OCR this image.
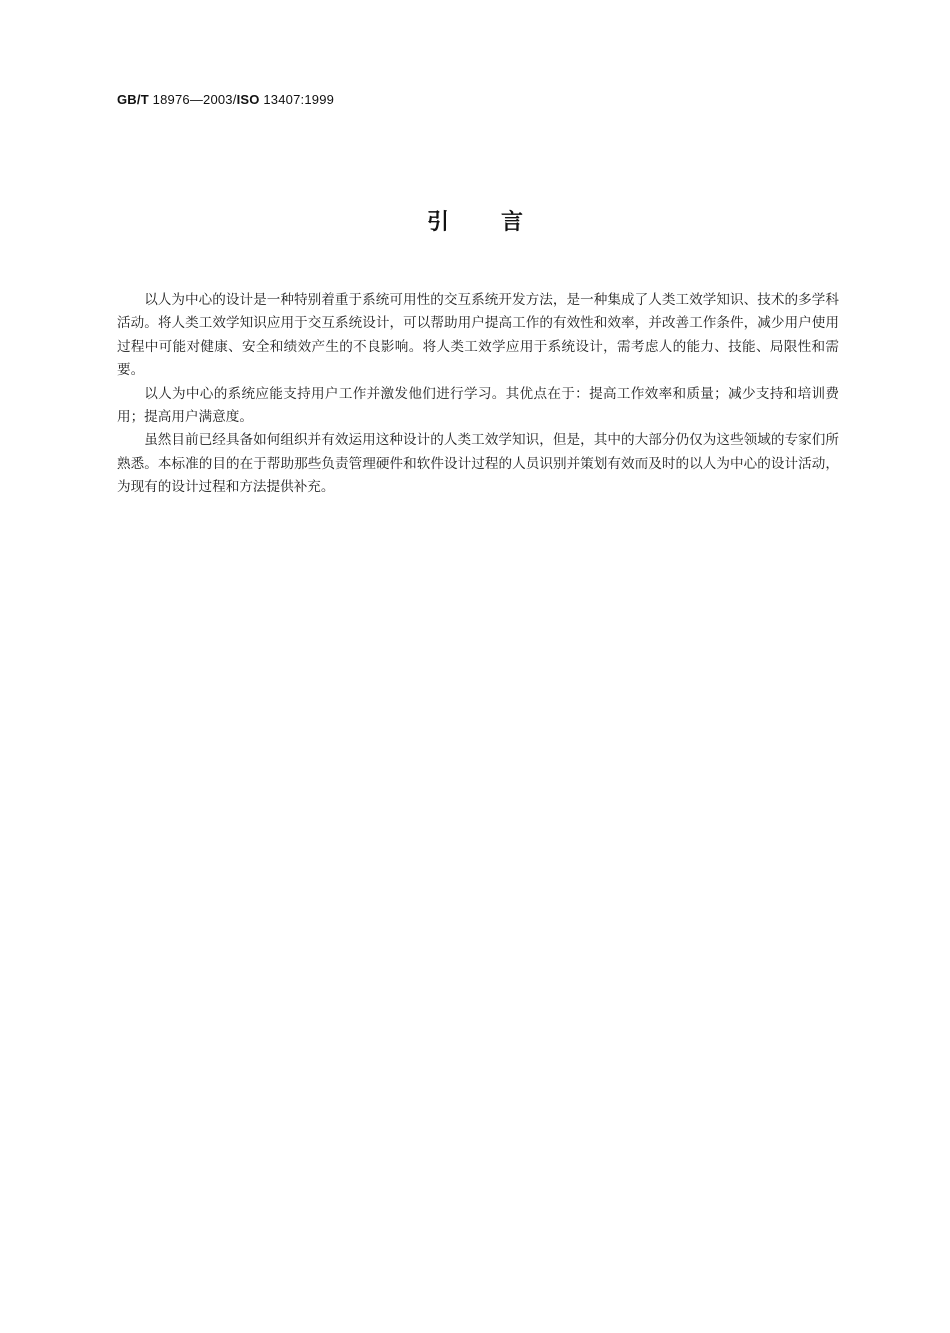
GB/T 18976—2003/ISO 13407:1999
引言

以人为中心的设计是一种特别着重于系统可用性的交互系统开发方法，是一种集成了人类工效学知识、技术的多学科活动。将人类工效学知识应用于交互系统设计，可以帮助用户提高工作的有效性和效率，并改善工作条件，减少用户使用过程中可能对健康、安全和绩效产生的不良影响。将人类工效学应用于系统设计，需考虑人的能力、技能、局限性和需要。

以人为中心的系统应能支持用户工作并激发他们进行学习。其优点在于：提高工作效率和质量；减少支持和培训费用；提高用户满意度。

虽然目前已经具备如何组织并有效运用这种设计的人类工效学知识，但是，其中的大部分仍仅为这些领域的专家们所熟悉。本标准的目的在于帮助那些负责管理硬件和软件设计过程的人员识别并策划有效而及时的以人为中心的设计活动，为现有的设计过程和方法提供补充。
